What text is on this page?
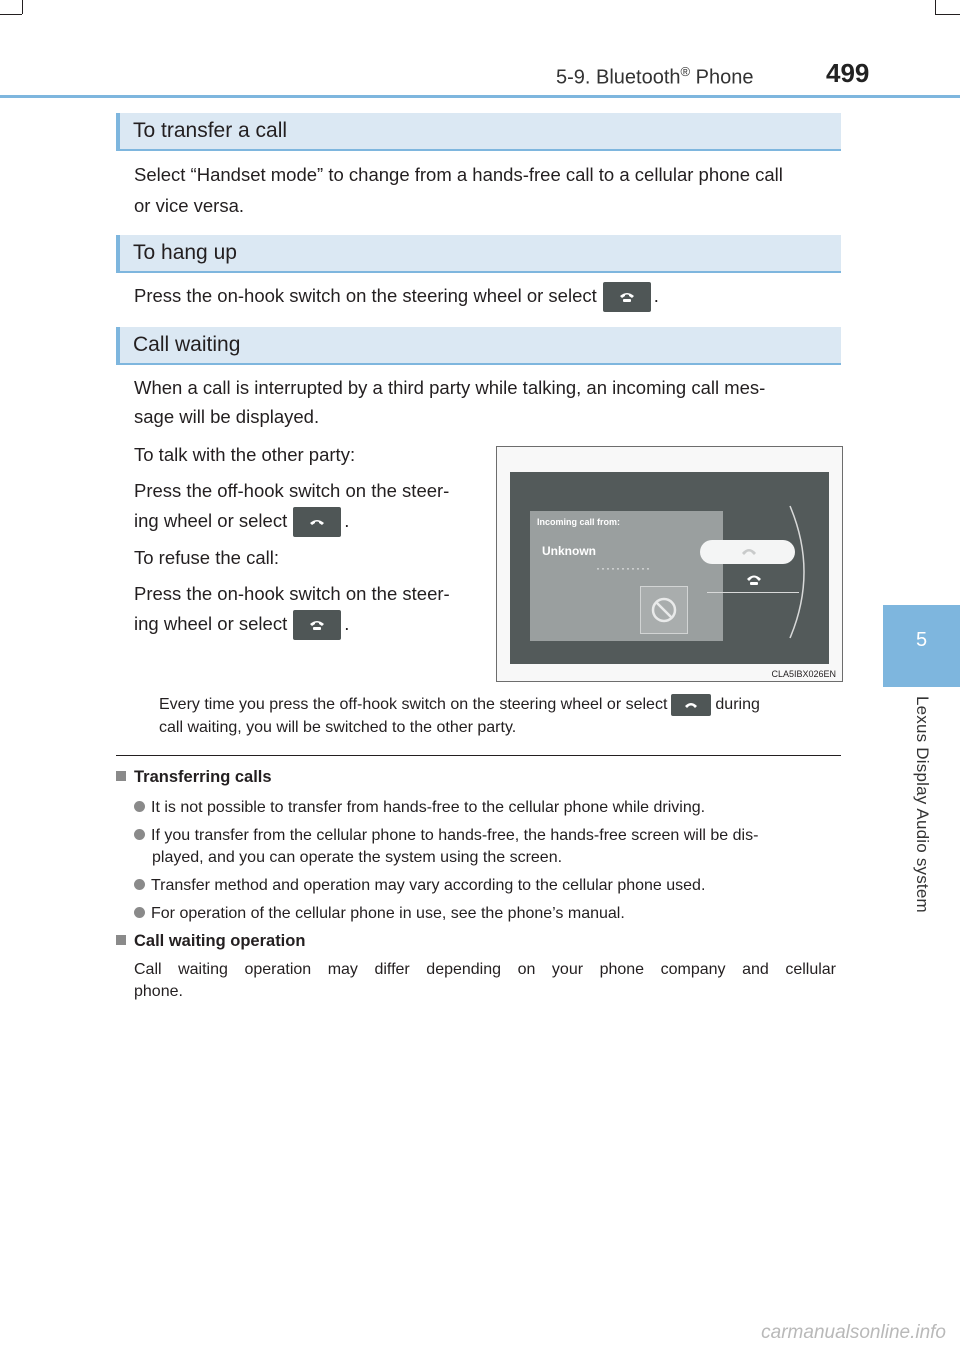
5-9. Bluetooth® Phone	499
5
Lexus Display Audio system
To transfer a call
Select “Handset mode” to change from a hands-free call to a cellular phone call
or vice versa.
To hang up
Press the on-hook switch on the steering wheel or select	.
Call waiting
When a call is interrupted by a third party while talking, an incoming call mes-
sage will be displayed.
To talk with the other party:
Press the off-hook switch on the steer-
ing wheel or select	.
To refuse the call:
Press the on-hook switch on the steer-
ing wheel or select	.
Incoming call from:
Unknown
···········
CLA5IBX026EN
Every time you press the off-hook switch on the steering wheel or select	during
call waiting, you will be switched to the other party.
Transferring calls
It is not possible to transfer from hands-free to the cellular phone while driving.
If you transfer from the cellular phone to hands-free, the hands-free screen will be dis-
played, and you can operate the system using the screen.
Transfer method and operation may vary according to the cellular phone used.
For operation of the cellular phone in use, see the phone’s manual.
Call waiting operation
Call waiting operation may differ depending on your phone company and cellular
phone.
carmanualsonline.info
